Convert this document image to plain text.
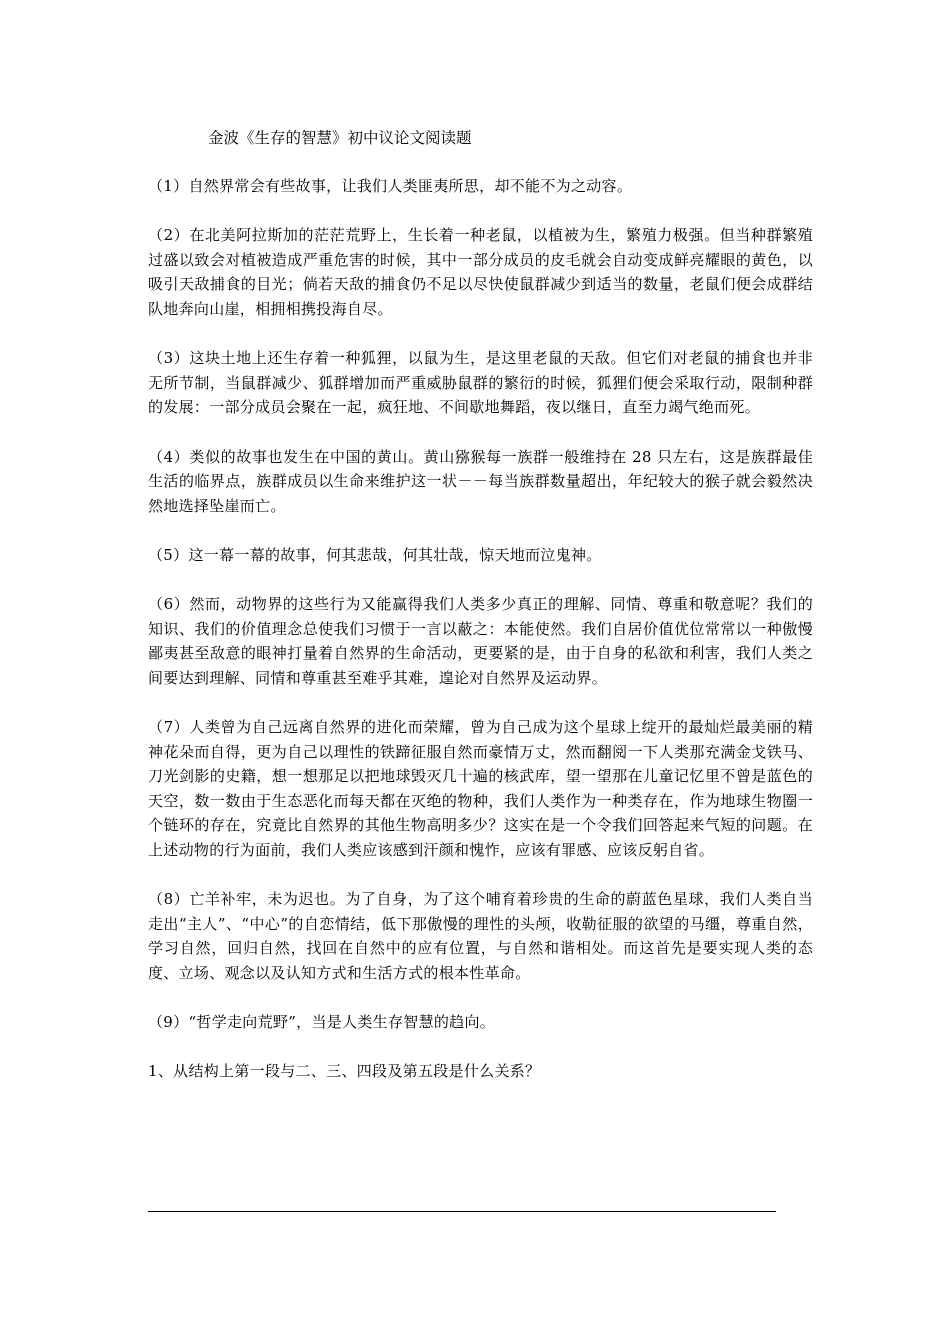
金波《生存的智慧》初中议论文阅读题

（1）自然界常会有些故事，让我们人类匪夷所思，却不能不为之动容。

（2）在北美阿拉斯加的茫茫荒野上，生长着一种老鼠，以植被为生，繁殖力极强。但当种群繁殖过盛以致会对植被造成严重危害的时候，其中一部分成员的皮毛就会自动变成鲜亮耀眼的黄色，以吸引天敌捕食的目光；倘若天敌的捕食仍不足以尽快使鼠群减少到适当的数量，老鼠们便会成群结队地奔向山崖，相拥相携投海自尽。

（3）这块土地上还生存着一种狐狸，以鼠为生，是这里老鼠的天敌。但它们对老鼠的捕食也并非无所节制，当鼠群减少、狐群增加而严重威胁鼠群的繁衍的时候，狐狸们便会采取行动，限制种群的发展：一部分成员会聚在一起，疯狂地、不间歇地舞蹈，夜以继日，直至力竭气绝而死。

（4）类似的故事也发生在中国的黄山。黄山猕猴每一族群一般维持在 28 只左右，这是族群最佳生活的临界点，族群成员以生命来维护这一状－－每当族群数量超出，年纪较大的猴子就会毅然决然地选择坠崖而亡。

（5）这一幕一幕的故事，何其悲哉，何其壮哉，惊天地而泣鬼神。

（6）然而，动物界的这些行为又能赢得我们人类多少真正的理解、同情、尊重和敬意呢？我们的知识、我们的价值理念总使我们习惯于一言以蔽之：本能使然。我们自居价值优位常常以一种傲慢鄙夷甚至敌意的眼神打量着自然界的生命活动，更要紧的是，由于自身的私欲和利害，我们人类之间要达到理解、同情和尊重甚至难乎其难，遑论对自然界及运动界。

（7）人类曾为自己远离自然界的进化而荣耀，曾为自己成为这个星球上绽开的最灿烂最美丽的精神花朵而自得，更为自己以理性的铁蹄征服自然而豪情万丈，然而翻阅一下人类那充满金戈铁马、刀光剑影的史籍，想一想那足以把地球毁灭几十遍的核武库，望一望那在儿童记忆里不曾是蓝色的天空，数一数由于生态恶化而每天都在灭绝的物种，我们人类作为一种类存在，作为地球生物圈一个链环的存在，究竟比自然界的其他生物高明多少？这实在是一个令我们回答起来气短的问题。在上述动物的行为面前，我们人类应该感到汗颜和愧怍，应该有罪感、应该反躬自省。

（8）亡羊补牢，未为迟也。为了自身，为了这个哺育着珍贵的生命的蔚蓝色星球，我们人类自当走出“主人”、“中心”的自恋情结，低下那傲慢的理性的头颅，收勒征服的欲望的马缰，尊重自然，学习自然，回归自然，找回在自然中的应有位置，与自然和谐相处。而这首先是要实现人类的态度、立场、观念以及认知方式和生活方式的根本性革命。

（9）“哲学走向荒野”，当是人类生存智慧的趋向。

1、从结构上第一段与二、三、四段及第五段是什么关系？
